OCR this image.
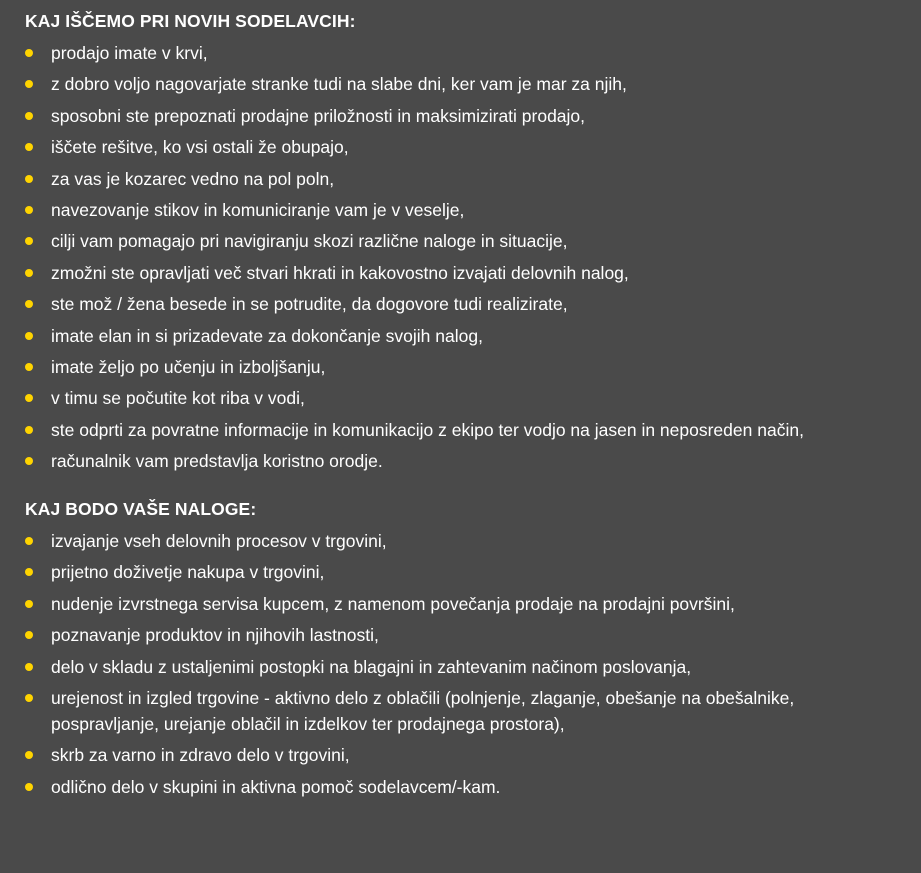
KAJ IŠČEMO PRI NOVIH SODELAVCIH:
prodajo imate v krvi,
z dobro voljo nagovarjate stranke tudi na slabe dni, ker vam je mar za njih,
sposobni ste prepoznati prodajne priložnosti in maksimizirati prodajo,
iščete rešitve, ko vsi ostali že obupajo,
za vas je kozarec vedno na pol poln,
navezovanje stikov in komuniciranje vam je v veselje,
cilji vam pomagajo pri navigiranju skozi različne naloge in situacije,
zmožni ste opravljati več stvari hkrati in kakovostno izvajati delovnih nalog,
ste mož / žena besede in se potrudite, da dogovore tudi realizirate,
imate elan in si prizadevate za dokončanje svojih nalog,
imate željo po učenju in izboljšanju,
v timu se počutite kot riba v vodi,
ste odprti za povratne informacije in komunikacijo z ekipo ter vodjo na jasen in neposreden način,
računalnik vam predstavlja koristno orodje.
KAJ BODO VAŠE NALOGE:
izvajanje vseh delovnih procesov v trgovini,
prijetno doživetje nakupa v trgovini,
nudenje izvrstnega servisa kupcem, z namenom povečanja prodaje na prodajni površini,
poznavanje produktov in njihovih lastnosti,
delo v skladu z ustaljenimi postopki na blagajni in zahtevanim načinom poslovanja,
urejenost in izgled trgovine - aktivno delo z oblačili (polnjenje, zlaganje, obešanje na obešalnike, pospravljanje, urejanje oblačil in izdelkov ter prodajnega prostora),
skrb za varno in zdravo delo v trgovini,
odlično delo v skupini in aktivna pomoč sodelavcem/-kam.
